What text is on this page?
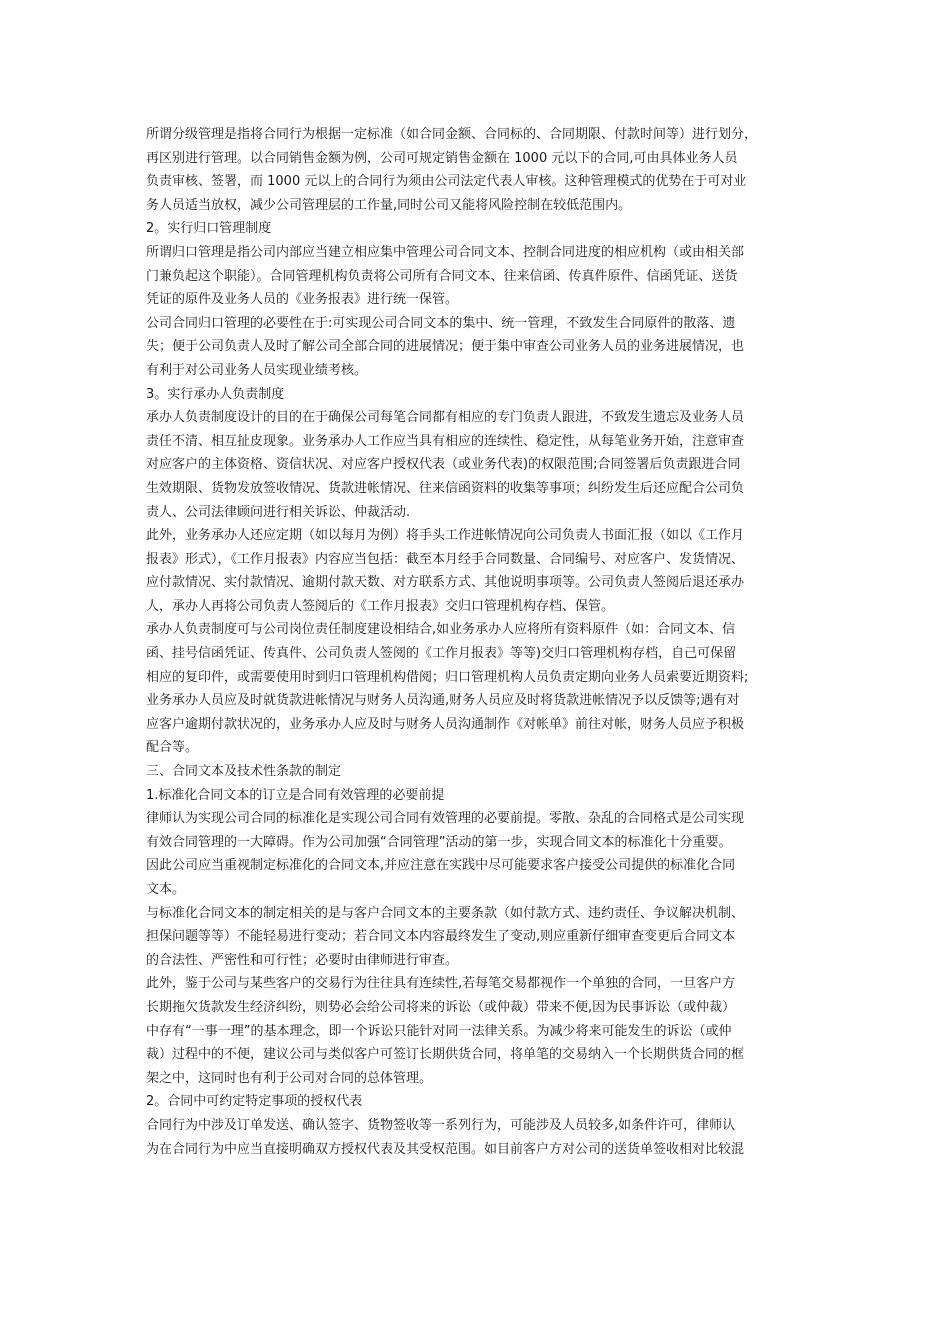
所谓分级管理是指将合同行为根据一定标准（如合同金额、合同标的、合同期限、付款时间等）进行划分，
再区别进行管理。以合同销售金额为例，公司可规定销售金额在 1000 元以下的合同,可由具体业务人员
负责审核、签署，而 1000 元以上的合同行为须由公司法定代表人审核。这种管理模式的优势在于可对业
务人员适当放权，减少公司管理层的工作量,同时公司又能将风险控制在较低范围内。
2。实行归口管理制度
所谓归口管理是指公司内部应当建立相应集中管理公司合同文本、控制合同进度的相应机构（或由相关部
门兼负起这个职能）。合同管理机构负责将公司所有合同文本、往来信函、传真件原件、信函凭证、送货
凭证的原件及业务人员的《业务报表》进行统一保管。
公司合同归口管理的必要性在于:可实现公司合同文本的集中、统一管理，不致发生合同原件的散落、遗
失；便于公司负责人及时了解公司全部合同的进展情况；便于集中审查公司业务人员的业务进展情况，也
有利于对公司业务人员实现业绩考核。
3。实行承办人负责制度
承办人负责制度设计的目的在于确保公司每笔合同都有相应的专门负责人跟进，不致发生遗忘及业务人员
责任不清、相互扯皮现象。业务承办人工作应当具有相应的连续性、稳定性，从每笔业务开始，注意审查
对应客户的主体资格、资信状况、对应客户授权代表（或业务代表)的权限范围;合同签署后负责跟进合同
生效期限、货物发放签收情况、货款进帐情况、往来信函资料的收集等事项；纠纷发生后还应配合公司负
责人、公司法律顾问进行相关诉讼、仲裁活动.
此外，业务承办人还应定期（如以每月为例）将手头工作进帐情况向公司负责人书面汇报（如以《工作月
报表》形式），《工作月报表》内容应当包括：截至本月经手合同数量、合同编号、对应客户、发货情况、
应付款情况、实付款情况、逾期付款天数、对方联系方式、其他说明事项等。公司负责人签阅后退还承办
人，承办人再将公司负责人签阅后的《工作月报表》交归口管理机构存档、保管。
承办人负责制度可与公司岗位责任制度建设相结合,如业务承办人应将所有资料原件（如：合同文本、信
函、挂号信函凭证、传真件、公司负责人签阅的《工作月报表》等等)交归口管理机构存档，自己可保留
相应的复印件，或需要使用时到归口管理机构借阅；归口管理机构人员负责定期向业务人员索要近期资料;
业务承办人员应及时就货款进帐情况与财务人员沟通,财务人员应及时将货款进帐情况予以反馈等;遇有对
应客户逾期付款状况的，业务承办人应及时与财务人员沟通制作《对帐单》前往对帐，财务人员应予积极
配合等。
三、合同文本及技术性条款的制定
1.标准化合同文本的订立是合同有效管理的必要前提
律师认为实现公司合同的标准化是实现公司合同有效管理的必要前提。零散、杂乱的合同格式是公司实现
有效合同管理的一大障碍。作为公司加强“合同管理”活动的第一步，实现合同文本的标准化十分重要。
因此公司应当重视制定标准化的合同文本,并应注意在实践中尽可能要求客户接受公司提供的标准化合同
文本。
与标准化合同文本的制定相关的是与客户合同文本的主要条款（如付款方式、违约责任、争议解决机制、
担保问题等等）不能轻易进行变动；若合同文本内容最终发生了变动,则应重新仔细审查变更后合同文本
的合法性、严密性和可行性；必要时由律师进行审查。
此外，鉴于公司与某些客户的交易行为往往具有连续性,若每笔交易都视作一个单独的合同，一旦客户方
长期拖欠货款发生经济纠纷，则势必会给公司将来的诉讼（或仲裁）带来不便,因为民事诉讼（或仲裁）
中存有“一事一理”的基本理念，即一个诉讼只能针对同一法律关系。为减少将来可能发生的诉讼（或仲
裁）过程中的不便，建议公司与类似客户可签订长期供货合同，将单笔的交易纳入一个长期供货合同的框
架之中，这同时也有利于公司对合同的总体管理。
2。合同中可约定特定事项的授权代表
合同行为中涉及订单发送、确认签字、货物签收等一系列行为，可能涉及人员较多,如条件许可，律师认
为在合同行为中应当直接明确双方授权代表及其受权范围。如目前客户方对公司的送货单签收相对比较混
